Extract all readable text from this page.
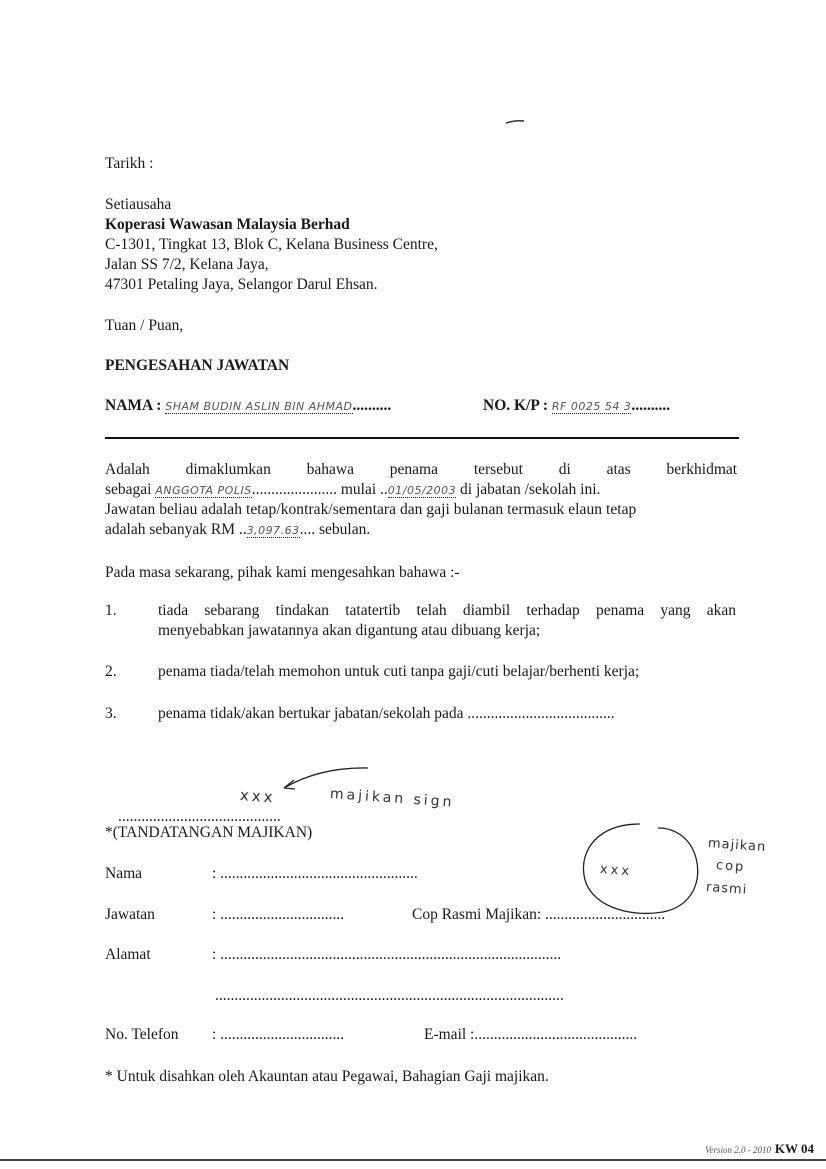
Tarikh :
Setiausaha
Koperasi Wawasan Malaysia Berhad
C-1301, Tingkat 13, Blok C, Kelana Business Centre,
Jalan SS 7/2, Kelana Jaya,
47301 Petaling Jaya, Selangor Darul Ehsan.
Tuan / Puan,
PENGESAHAN JAWATAN
NAMA : SHAM BUDIN ASLIN BIN AHMAD..........	NO. K/P : RF 0025 54 3..........
Adalah dimaklumkan bahawa penama tersebut di atas berkhidmat
sebagai ANGGOTA POLIS...................... mulai ..01/05/2003 di jabatan /sekolah ini.
Jawatan beliau adalah tetap/kontrak/sementara dan gaji bulanan termasuk elaun tetap
adalah sebanyak RM ..3,097.63.... sebulan.
Pada masa sekarang, pihak kami mengesahkan bahawa :-
1.	tiada sebarang tindakan tatatertib telah diambil terhadap penama yang akan
menyebabkan jawatannya akan digantung atau dibuang kerja;
2.	penama tiada/telah memohon untuk cuti tanpa gaji/cuti belajar/berhenti kerja;
3.	penama tidak/akan bertukar jabatan/sekolah pada ......................................
xxx	majikan sign
..........................................
*(TANDATANGAN MAJIKAN)
xxx
majikan
cop
rasmi
Nama	: ...................................................
Jawatan	: ................................	Cop Rasmi Majikan: ...............................
Alamat	: ........................................................................................
..........................................................................................
No. Telefon : ................................	E-mail :..........................................
* Untuk disahkan oleh Akauntan atau Pegawai, Bahagian Gaji majikan.
Version 2.0 - 2010 KW 04
